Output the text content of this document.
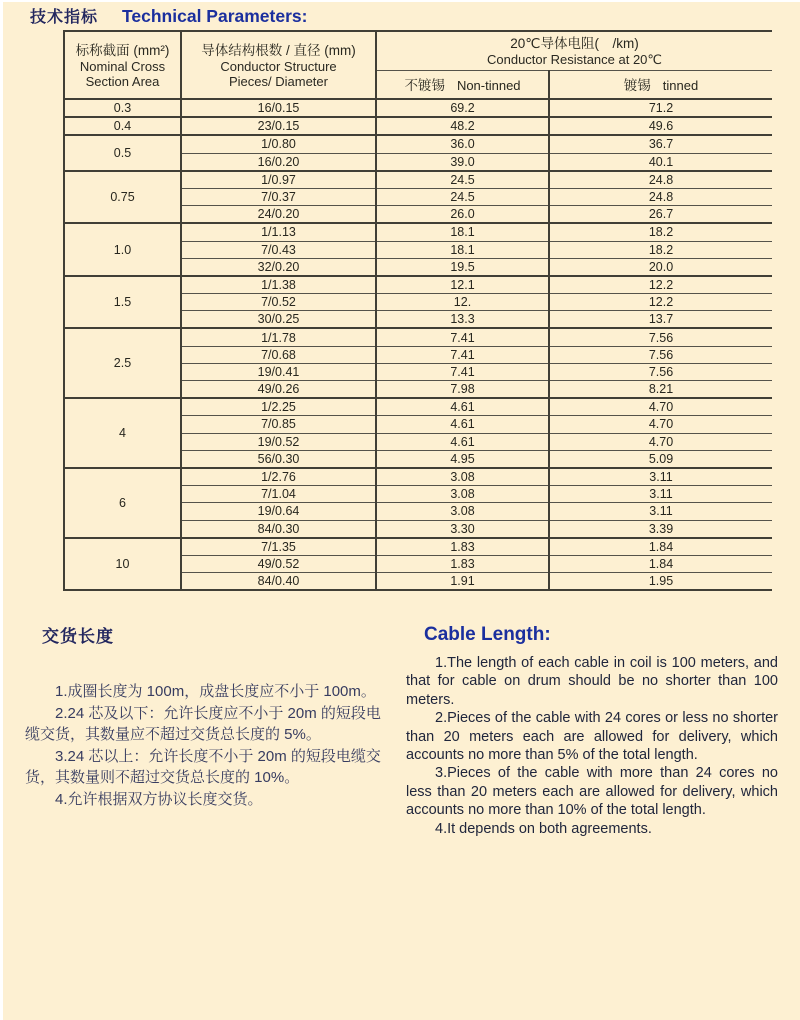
技术指标 Technical Parameters:
标称截面 (mm²)
Nominal Cross
Section Area

导体结构根数 / 直径 (mm)
Conductor Structure
Pieces/ Diameter

20℃导体电阻(　/km)
Conductor Resistance at 20℃

		不镀锡 Non-tinned	镀锡 tinned
0.3	16/0.15	69.2	71.2
0.4	23/0.15	48.2	49.6
0.5	1/0.80	36.0	36.7
	16/0.20	39.0	40.1
0.75	1/0.97	24.5	24.8
	7/0.37	24.5	24.8
	24/0.20	26.0	26.7
1.0	1/1.13	18.1	18.2
	7/0.43	18.1	18.2
	32/0.20	19.5	20.0
1.5	1/1.38	12.1	12.2
	7/0.52	12.	12.2
	30/0.25	13.3	13.7
2.5	1/1.78	7.41	7.56
	7/0.68	7.41	7.56
	19/0.41	7.41	7.56
	49/0.26	7.98	8.21
4	1/2.25	4.61	4.70
	7/0.85	4.61	4.70
	19/0.52	4.61	4.70
	56/0.30	4.95	5.09
6	1/2.76	3.08	3.11
	7/1.04	3.08	3.11
	19/0.64	3.08	3.11
	84/0.30	3.30	3.39
10	7/1.35	1.83	1.84
	49/0.52	1.83	1.84
	84/0.40	1.91	1.95
交货长度

1.成圈长度为 100m，成盘长度应不小于 100m。

2.24 芯及以下：允许长度应不小于 20m 的短段电缆交货，其数量应不超过交货总长度的 5%。

3.24 芯以上：允许长度不小于 20m 的短段电缆交货，其数量则不超过交货总长度的 10%。

4.允许根据双方协议长度交货。

Cable Length:

1.The length of each cable in coil is 100 meters, and that for cable on drum should be no shorter than 100 meters.

2.Pieces of the cable with 24 cores or less no shorter than 20 meters each are allowed for delivery, which accounts no more than 5% of the total length.

3.Pieces of the cable with more than 24 cores no less than 20 meters each are allowed for delivery, which accounts no more than 10% of the total length.

4.It depends on both agreements.
